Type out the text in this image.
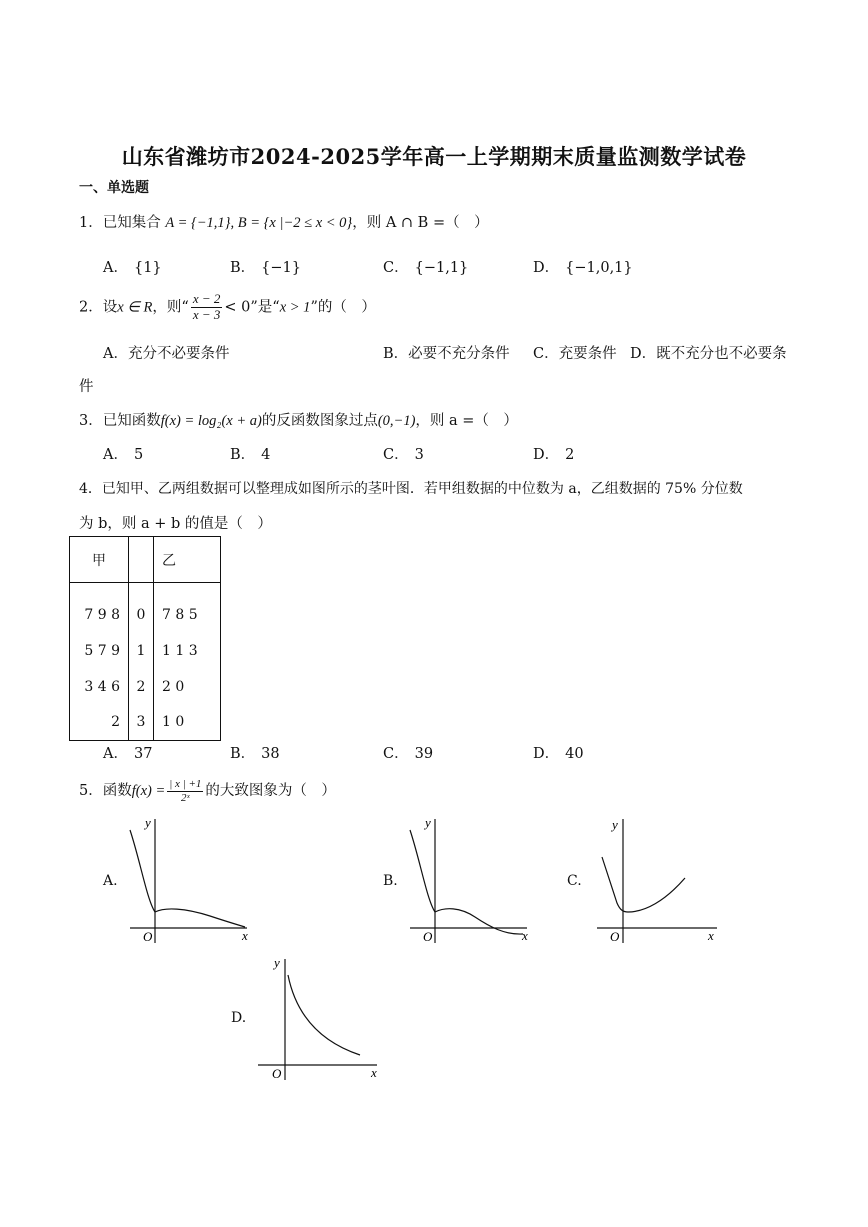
山东省潍坊市2024-2025学年高一上学期期末质量监测数学试卷
一、单选题
1．已知集合 A = {−1,1}, B = {x |−2 ≤ x < 0}，则 A ∩ B =（　）
A． {1}	B． {−1}	C． {−1,1}	D． {−1,0,1}
2．设x ∈ R，则“ $\frac{x - 2}{x - 3} < 0$”是“x > 1”的（　）
A．充分不必要条件	B．必要不充分条件 C．充要条件 D．既不充分也不必要条
件
3．已知函数f(x) = log₂(x + a)的反函数图象过点(0,−1)，则 a =（　）
A． 5	B． 4	C． 3	D． 2
4．已知甲、乙两组数据可以整理成如图所示的茎叶图．若甲组数据的中位数为 a，乙组数据的 75% 分位数
为 b，则 a + b 的值是（　）
甲		乙

7 9 8	0	7 8 5
5 7 9	1	1 1 3
3 4 6	2	2 0
2	3	1 0
A． 37	B． 38	C． 39	D． 40
5．函数$f(x) = \frac{| x | +1}{\text{2ˣ}}$ 的大致图象为（　）
A.
y
x
O
B.
y
x
O
C.
y
x
O
D.
y
x
O
